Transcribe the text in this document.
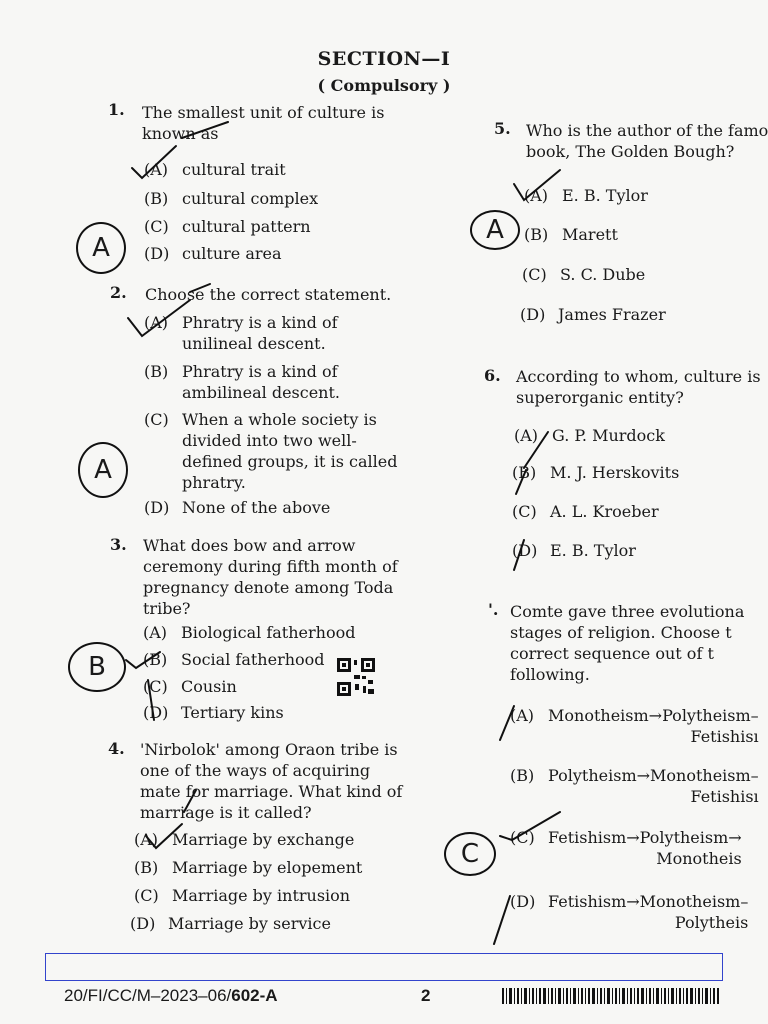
SECTION—I
( Compulsory )
1. The smallest unit of culture is
known as
(A) cultural trait
(B) cultural complex
(C) cultural pattern
(D) culture area
A
2. Choose the correct statement.
(A) Phratry is a kind of
unilineal descent.
(B) Phratry is a kind of
ambilineal descent.
(C) When a whole society is
divided into two well-
defined groups, it is called
phratry.
(D) None of the above
A
3. What does bow and arrow
ceremony during fifth month of
pregnancy denote among Toda
tribe?
(A) Biological fatherhood
(B) Social fatherhood
(C) Cousin
(D) Tertiary kins
B
4. 'Nirbolok' among Oraon tribe is
one of the ways of acquiring
mate for marriage. What kind of
marriage is it called?
(A) Marriage by exchange
(B) Marriage by elopement
(C) Marriage by intrusion
(D) Marriage by service
5. Who is the author of the famo
book, The Golden Bough?
(A) E. B. Tylor
(B) Marett
(C) S. C. Dube
(D) James Frazer
A
6. According to whom, culture is
superorganic entity?
(A) G. P. Murdock
(B) M. J. Herskovits
(C) A. L. Kroeber
(D) E. B. Tylor
'. Comte gave three evolutiona
stages of religion. Choose t
correct sequence out of t
following.
(A) Monotheism→Polytheism–
Fetishisı
(B) Polytheism→Monotheism–
Fetishisı
(C) Fetishism→Polytheism→
Monotheis
(D) Fetishism→Monotheism–
Polytheis
C
20/FI/CC/M–2023–06/602-A	2
